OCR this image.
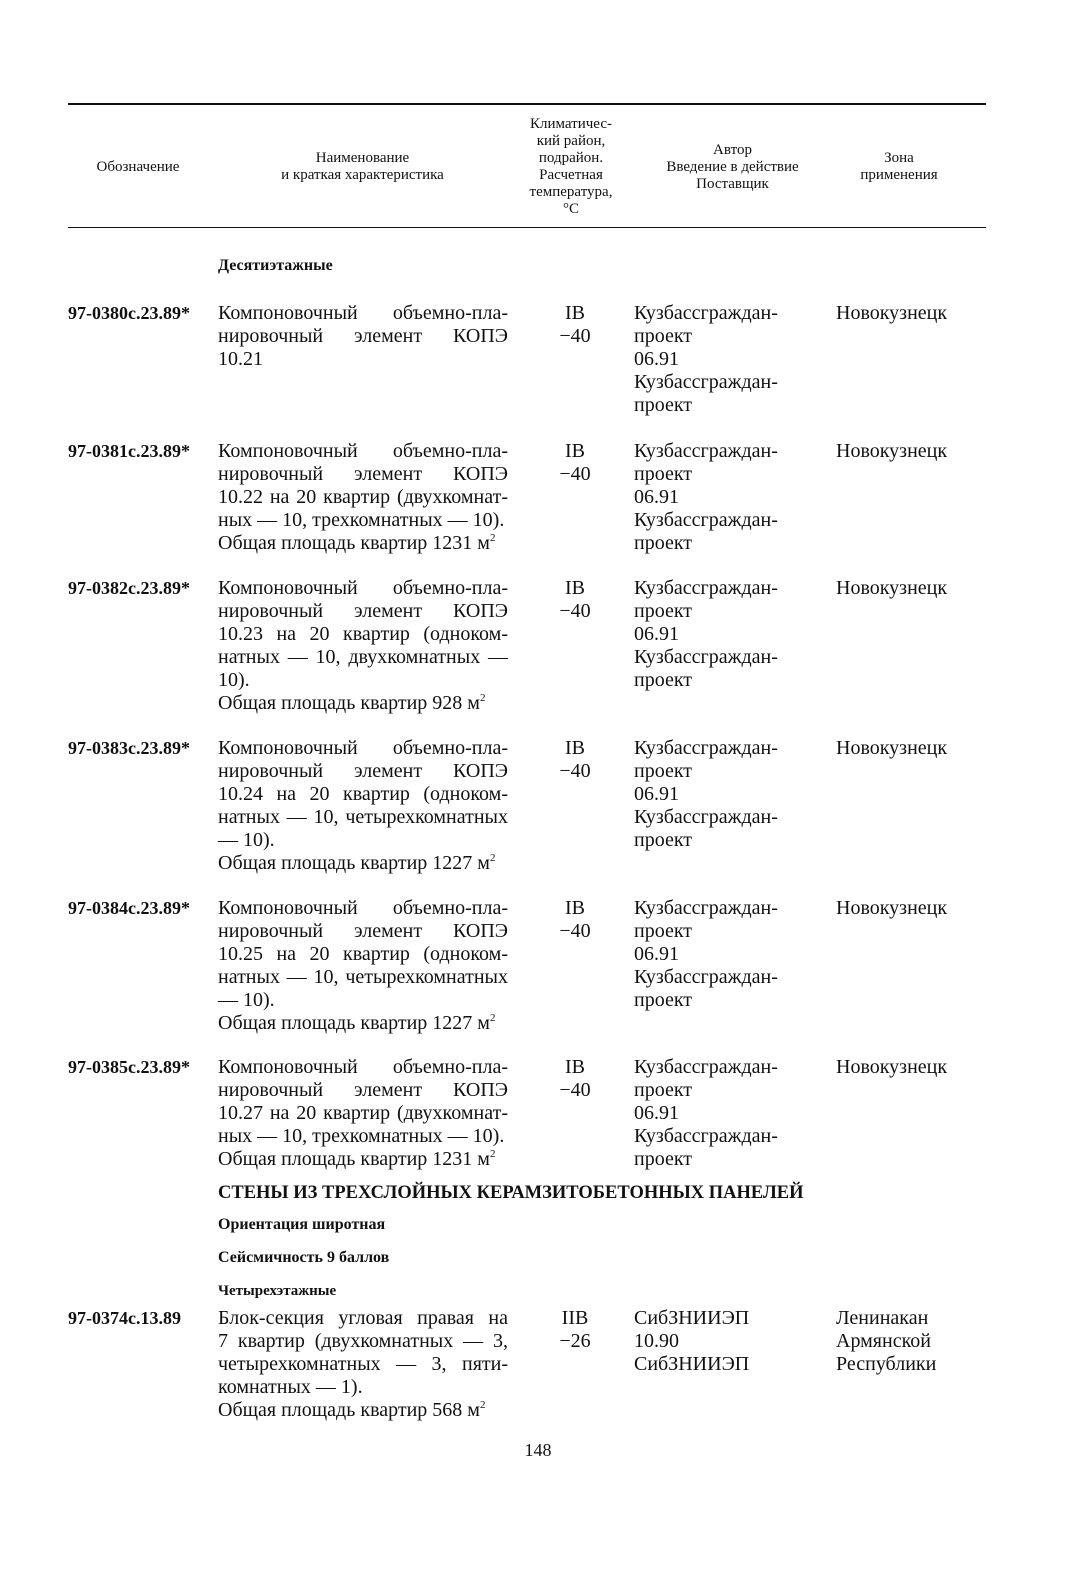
Обозначение
Наименование
и краткая характеристика
Климатичес-
кий район,
подрайон.
Расчетная
температура,
°С
Автор
Введение в действие
Поставщик
Зона
применения
Десятиэтажные
97-0380с.23.89* Компоновочный объемно-пла-
нировочный элемент КОПЭ
10.21
IB
−40
Кузбассграждан-
проект
06.91
Кузбассграждан-
проект
Новокузнецк
97-0381с.23.89* Компоновочный объемно-пла-
нировочный элемент КОПЭ
10.22 на 20 квартир (двухкомнат-
ных — 10, трехкомнатных — 10).
Общая площадь квартир 1231 $м^2$
IB
−40
Кузбассграждан-
проект
06.91
Кузбассграждан-
проект
Новокузнецк
97-0382с.23.89* Компоновочный объемно-пла-
нировочный элемент КОПЭ
10.23 на 20 квартир (одноком-
натных — 10, двухкомнатных —
10).
Общая площадь квартир 928 $м^2$
IB
−40
Кузбассграждан-
проект
06.91
Кузбассграждан-
проект
Новокузнецк
97-0383с.23.89* Компоновочный объемно-пла-
нировочный элемент КОПЭ
10.24 на 20 квартир (одноком-
натных — 10, четырехкомнатных
— 10).
Общая площадь квартир 1227 $м^2$
IB
−40
Кузбассграждан-
проект
06.91
Кузбассграждан-
проект
Новокузнецк
97-0384с.23.89* Компоновочный объемно-пла-
нировочный элемент КОПЭ
10.25 на 20 квартир (одноком-
натных — 10, четырехкомнатных
— 10).
Общая площадь квартир 1227 $м^2$
IB
−40
Кузбассграждан-
проект
06.91
Кузбассграждан-
проект
Новокузнецк
97-0385с.23.89* Компоновочный объемно-пла-
нировочный элемент КОПЭ
10.27 на 20 квартир (двухкомнат-
ных — 10, трехкомнатных — 10).
Общая площадь квартир 1231 $м^2$
IB
−40
Кузбассграждан-
проект
06.91
Кузбассграждан-
проект
Новокузнецк
97-0374с.13.89 Блок-секция угловая правая на
7 квартир (двухкомнатных — 3,
четырехкомнатных — 3, пяти-
комнатных — 1).
Общая площадь квартир 568 $м^2$
IIB
−26
СибЗНИИЭП
10.90
СибЗНИИЭП
Ленинакан
Армянской
Республики
СТЕНЫ ИЗ ТРЕХСЛОЙНЫХ КЕРАМЗИТОБЕТОННЫХ ПАНЕЛЕЙ
Ориентация широтная
Сейсмичность 9 баллов
Четырехэтажные
148
